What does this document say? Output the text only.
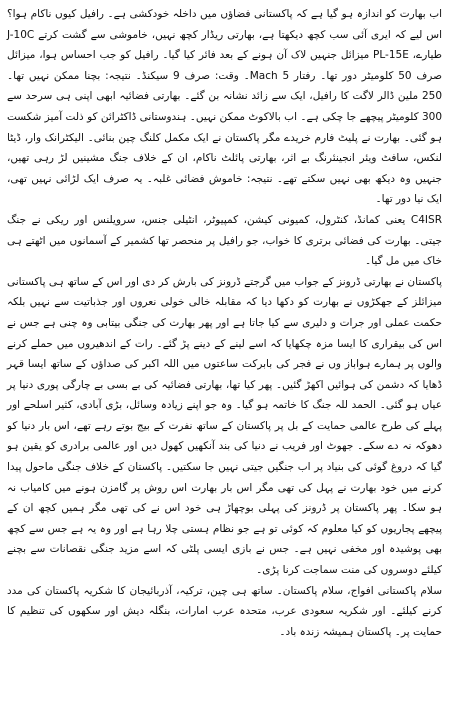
اب بھارت کو اندازہ ہو گیا ہے کہ پاکستانی فضاؤں میں داخلہ خودکشی ہے۔ رافیل کیوں ناکام ہوا؟ اس لیے کہ ایری آئی سب کچھ دیکھتا ہے، بھارتی ریڈار کچھ نہیں، خاموشی سے گشت کرتے J-10C طیارے، PL-15E میزائل جنہیں لاک آن ہونے کے بعد فائر کیا گیا۔ رافیل کو جب احساس ہوا، میزائل صرف 50 کلومیٹر دور تھا۔ رفتار 5 Mach۔ وقت: صرف 9 سیکنڈ۔ نتیجہ: بچنا ممکن نہیں تھا۔ 250 ملین ڈالر لاگت کا رافیل، ایک سے زائد نشانہ بن گئے۔ بھارتی فضائیہ ابھی اپنی ہی سرحد سے 300 کلومیٹر پیچھے جا چکی ہے۔ اب بالاکوٹ ممکن نہیں۔ ہندوستانی ڈاکٹرائن کو ذلت آمیز شکست ہو گئی۔ بھارت نے پلیٹ فارم خریدے مگر پاکستان نے ایک مکمل کلنگ چین بنائی۔ الیکٹرانک وار، ڈیٹا لنکس، سافٹ ویئر انجینئرنگ بے اثر، بھارتی پائلٹ ناکام، ان کے خلاف جنگ مشینیں لڑ رہی تھیں، جنہیں وہ دیکھ بھی نہیں سکتے تھے۔ نتیجہ: خاموش فضائی غلبہ۔ یہ صرف ایک لڑائی نہیں تھی، ایک نیا دور تھا۔

C4ISR یعنی کمانڈ، کنٹرول، کمیونی کیشن، کمپیوٹر، انٹیلی جنس، سرویلنس اور ریکی نے جنگ جیتی۔ بھارت کی فضائی برتری کا خواب، جو رافیل پر منحصر تھا کشمیر کے آسمانوں میں اٹھتے ہی خاک میں مل گیا۔

پاکستان نے بھارتی ڈرونز کے جواب میں گرجتے ڈرونز کی بارش کر دی اور اس کے ساتھ ہی پاکستانی میزائلز کے جھکڑوں نے بھارت کو دکھا دیا کہ مقابلہ خالی خولی نعروں اور جذباتیت سے نہیں بلکہ حکمت عملی اور جرات و دلیری سے کیا جاتا ہے اور پھر بھارت کی جنگی بیتابی وہ چنی ہے جس نے اس کی بیقراری کا ایسا مزہ چکھایا کہ اسے لینے کے دینے پڑ گئے۔ رات کے اندھیروں میں حملے کرنے والوں پر ہمارے ہواباز وں نے فجر کی بابرکت ساعتوں میں اللہ اکبر کی صداؤں کے ساتھ ایسا قہر ڈھایا کہ دشمن کی ہوائیں اکھڑ گئیں۔ پھر کیا تھا، بھارتی فضائیہ کی بے بسی بے چارگی پوری دنیا پر عیاں ہو گئی۔ الحمد للہ جنگ کا خاتمہ ہو گیا۔ وہ جو اپنے زیادہ وسائل، بڑی آبادی، کثیر اسلحے اور پہلے کی طرح عالمی حمایت کے بل پر پاکستان کے ساتھ نفرت کے بیج بوتے رہے تھے، اس بار دنیا کو دھوکہ نہ دے سکے۔ جھوٹ اور فریب نے دنیا کی بند آنکھیں کھول دیں اور عالمی برادری کو یقین ہو گیا کہ دروغ گوئی کی بنیاد پر اب جنگیں جیتی نہیں جا سکتیں۔ پاکستان کے خلاف جنگی ماحول پیدا کرنے میں خود بھارت نے پہل کی تھی مگر اس بار بھارت اس روش پر گامزن ہونے میں کامیاب نہ ہو سکا۔ پھر پاکستان پر ڈرونز کی پہلی بوچھاڑ ہی خود اس نے کی تھی مگر ہمیں کچھ ان کے پیچھے پجاریوں کو کیا معلوم کہ کوئی تو ہے جو نظام ہستی چلا رہا ہے اور وہ یہ ہے جس سے کچھ بھی پوشیدہ اور مخفی نہیں ہے۔ جس نے بازی ایسی پلٹی کہ اسے مزید جنگی نقصانات سے بچنے کیلئے دوسروں کی منت سماجت کرنا پڑی۔

سلام پاکستانی افواج، سلام پاکستان۔ ساتھ ہی چین، ترکیہ، آذربائیجان کا شکریہ پاکستان کی مدد کرنے کیلئے۔ اور شکریہ سعودی عرب، متحدہ عرب امارات، بنگلہ دیش اور سکھوں کی تنظیم کا حمایت پر۔ پاکستان ہمیشہ زندہ باد۔
